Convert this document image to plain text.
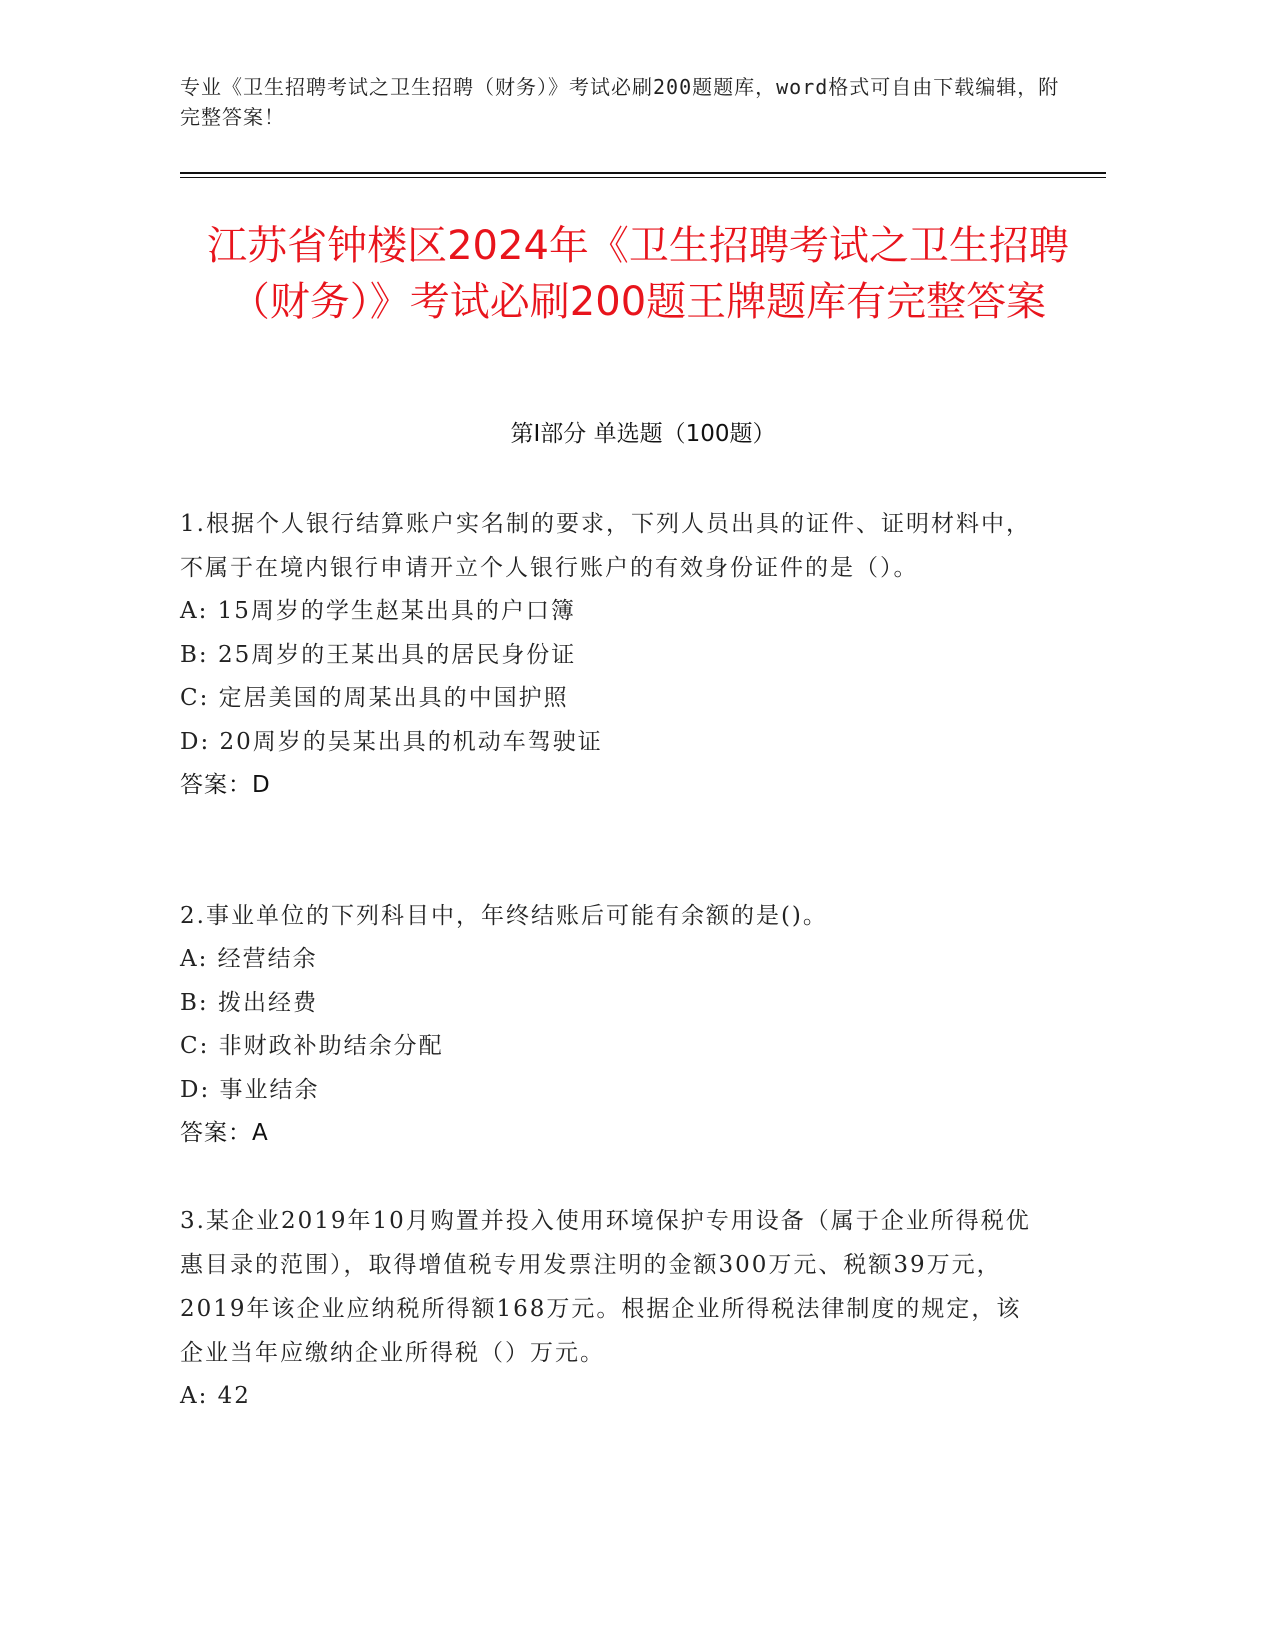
专业《卫生招聘考试之卫生招聘（财务）》考试必刷200题题库，word格式可自由下载编辑，附完整答案！
江苏省钟楼区2024年《卫生招聘考试之卫生招聘（财务）》考试必刷200题王牌题库有完整答案
第Ⅰ部分 单选题（100题）

1.根据个人银行结算账户实名制的要求，下列人员出具的证件、证明材料中，不属于在境内银行申请开立个人银行账户的有效身份证件的是（）。

A: 15周岁的学生赵某出具的户口簿

B: 25周岁的王某出具的居民身份证

C: 定居美国的周某出具的中国护照

D: 20周岁的吴某出具的机动车驾驶证

答案：D

2.事业单位的下列科目中，年终结账后可能有余额的是()。

A: 经营结余

B: 拨出经费

C: 非财政补助结余分配

D: 事业结余

答案：A

3.某企业2019年10月购置并投入使用环境保护专用设备（属于企业所得税优惠目录的范围），取得增值税专用发票注明的金额300万元、税额39万元，2019年该企业应纳税所得额168万元。根据企业所得税法律制度的规定，该企业当年应缴纳企业所得税（）万元。

A: 42
